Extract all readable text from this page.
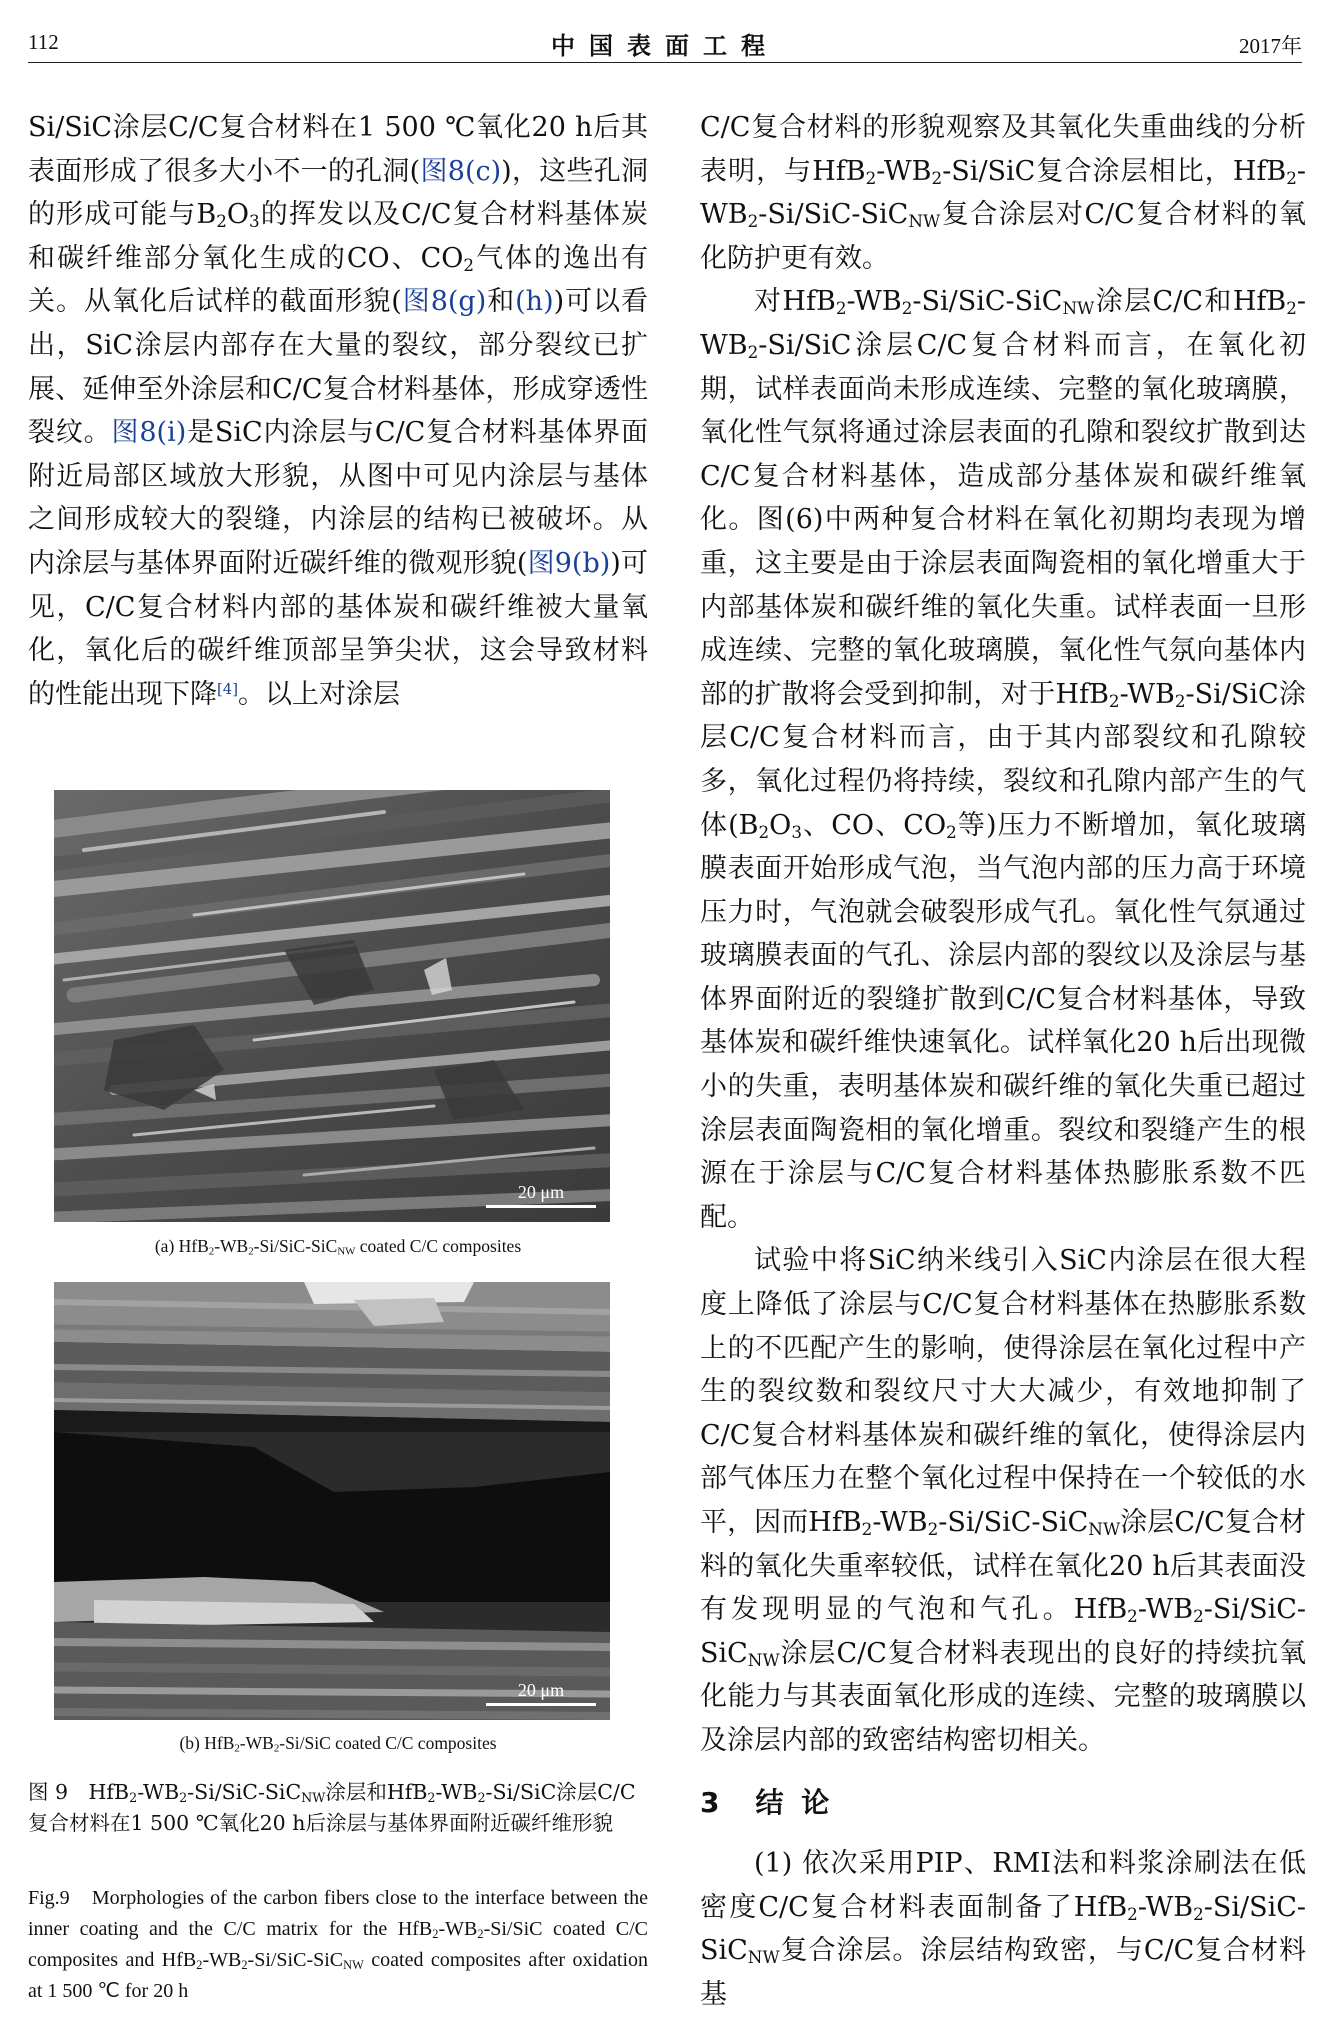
112	中国表面工程	2017年

Si/SiC涂层C/C复合材料在1 500 ℃氧化20 h后其表面形成了很多大小不一的孔洞(图8(c))，这些孔洞的形成可能与$B_2O_3$的挥发以及C/C复合材料基体炭和碳纤维部分氧化生成的CO、$CO_2$气体的逸出有关。从氧化后试样的截面形貌(图8(g)和(h))可以看出，SiC涂层内部存在大量的裂纹，部分裂纹已扩展、延伸至外涂层和C/C复合材料基体，形成穿透性裂纹。图8(i)是SiC内涂层与C/C复合材料基体界面附近局部区域放大形貌，从图中可见内涂层与基体之间形成较大的裂缝，内涂层的结构已被破坏。从内涂层与基体界面附近碳纤维的微观形貌(图9(b))可见，C/C复合材料内部的基体炭和碳纤维被大量氧化，氧化后的碳纤维顶部呈笋尖状，这会导致材料的性能出现下降[4]。以上对涂层

20 μm
(a) $HfB_2-WB_2-Si/SiC-SiC_{NW}$ coated C/C composites
20 μm
(b) $HfB_2-WB_2-Si$/SiC coated C/C composites
图 9　$HfB_2-WB_2-Si/SiC-SiC_{NW}$涂层和$HfB_2-WB_2-Si$/SiC涂层C/C复合材料在1 500 ℃氧化20 h后涂层与基体界面附近碳纤维形貌
Fig.9　Morphologies of the carbon fibers close to the interface between the inner coating and the C/C matrix for the $HfB_2-WB_2-Si$/SiC coated C/C composites and $HfB_2-WB_2-Si/SiC-SiC_{NW}$ coated composites after oxidation at 1 500 ℃ for 20 h

C/C复合材料的形貌观察及其氧化失重曲线的分析表明，与$HfB_2-WB_2-Si$/SiC复合涂层相比，$HfB_2-WB_2-Si/SiC-SiC_{NW}$复合涂层对C/C复合材料的氧化防护更有效。

对$HfB_2-WB_2-Si/SiC-SiC_{NW}$涂层C/C和$HfB_2-WB_2-Si$/SiC涂层C/C复合材料而言，在氧化初期，试样表面尚未形成连续、完整的氧化玻璃膜，氧化性气氛将通过涂层表面的孔隙和裂纹扩散到达C/C复合材料基体，造成部分基体炭和碳纤维氧化。图(6)中两种复合材料在氧化初期均表现为增重，这主要是由于涂层表面陶瓷相的氧化增重大于内部基体炭和碳纤维的氧化失重。试样表面一旦形成连续、完整的氧化玻璃膜，氧化性气氛向基体内部的扩散将会受到抑制，对于$HfB_2-WB_2-Si$/SiC涂层C/C复合材料而言，由于其内部裂纹和孔隙较多，氧化过程仍将持续，裂纹和孔隙内部产生的气体($B_2O_3$、CO、$CO_2$等)压力不断增加，氧化玻璃膜表面开始形成气泡，当气泡内部的压力高于环境压力时，气泡就会破裂形成气孔。氧化性气氛通过玻璃膜表面的气孔、涂层内部的裂纹以及涂层与基体界面附近的裂缝扩散到C/C复合材料基体，导致基体炭和碳纤维快速氧化。试样氧化20 h后出现微小的失重，表明基体炭和碳纤维的氧化失重已超过涂层表面陶瓷相的氧化增重。裂纹和裂缝产生的根源在于涂层与C/C复合材料基体热膨胀系数不匹配。

试验中将SiC纳米线引入SiC内涂层在很大程度上降低了涂层与C/C复合材料基体在热膨胀系数上的不匹配产生的影响，使得涂层在氧化过程中产生的裂纹数和裂纹尺寸大大减少，有效地抑制了C/C复合材料基体炭和碳纤维的氧化，使得涂层内部气体压力在整个氧化过程中保持在一个较低的水平，因而$HfB_2-WB_2-Si/SiC-SiC_{NW}$涂层C/C复合材料的氧化失重率较低，试样在氧化20 h后其表面没有发现明显的气泡和气孔。$HfB_2-WB_2-Si/SiC-SiC_{NW}$涂层C/C复合材料表现出的良好的持续抗氧化能力与其表面氧化形成的连续、完整的玻璃膜以及涂层内部的致密结构密切相关。

3　结 论

(1) 依次采用PIP、RMI法和料浆涂刷法在低密度C/C复合材料表面制备了$HfB_2-WB_2-Si/SiC-SiC_{NW}$复合涂层。涂层结构致密，与C/C复合材料基
